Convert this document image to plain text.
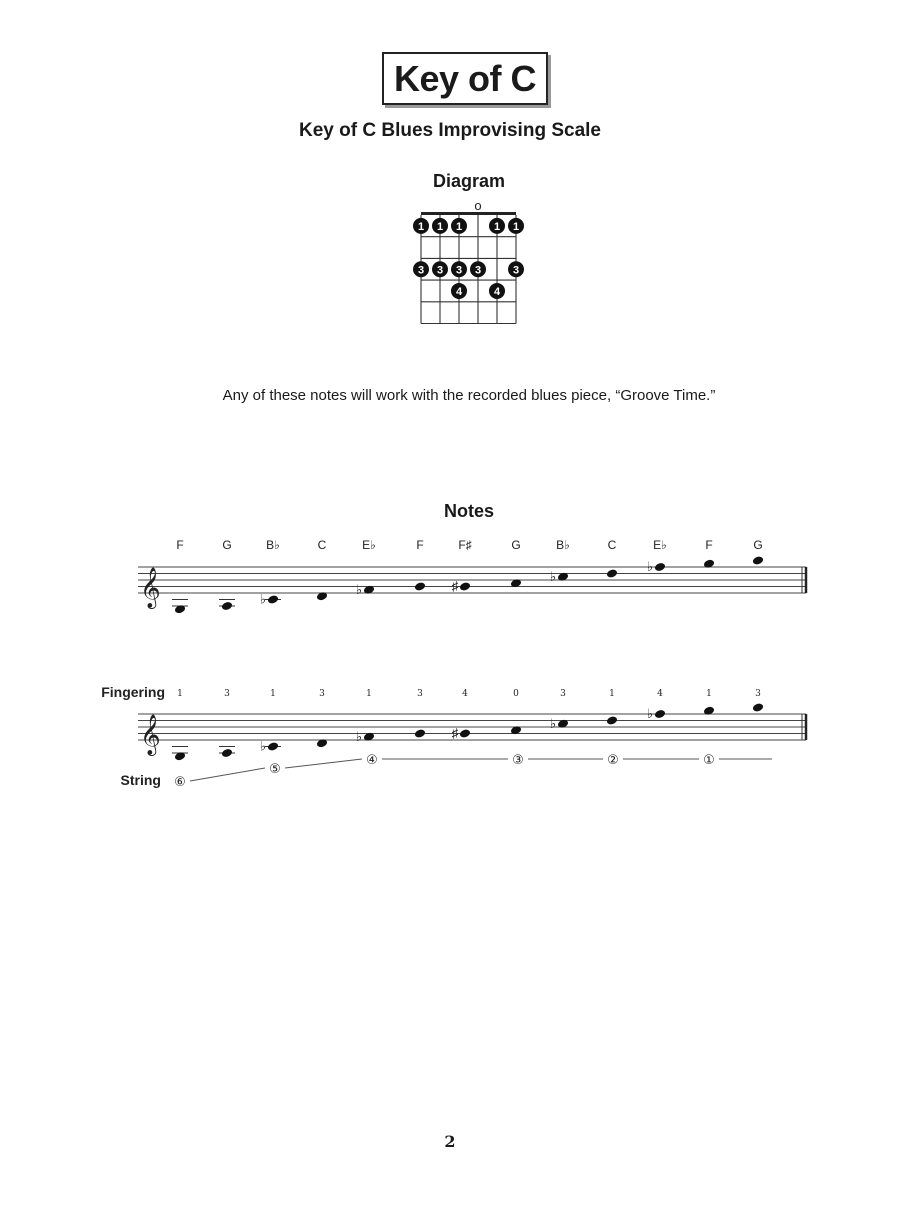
Key of C
Key of C Blues Improvising Scale
Diagram
Any of these notes will work with the recorded blues piece, “Groove Time.”
Notes
2
o
1 1 1	1 1
3 3 3 3	3
4	4
F	G	B♭	C	E♭	F	F♯	G	B♭	C	E♭	F	G
𝄞	♭
♭	♯
♭
♭
Fingering 1	3	1	3	1	3	4	0	3	1	4	1	3
𝄞	♭
♭	♯
♭
♭
String ⑥
⑤
④	③	②	①
